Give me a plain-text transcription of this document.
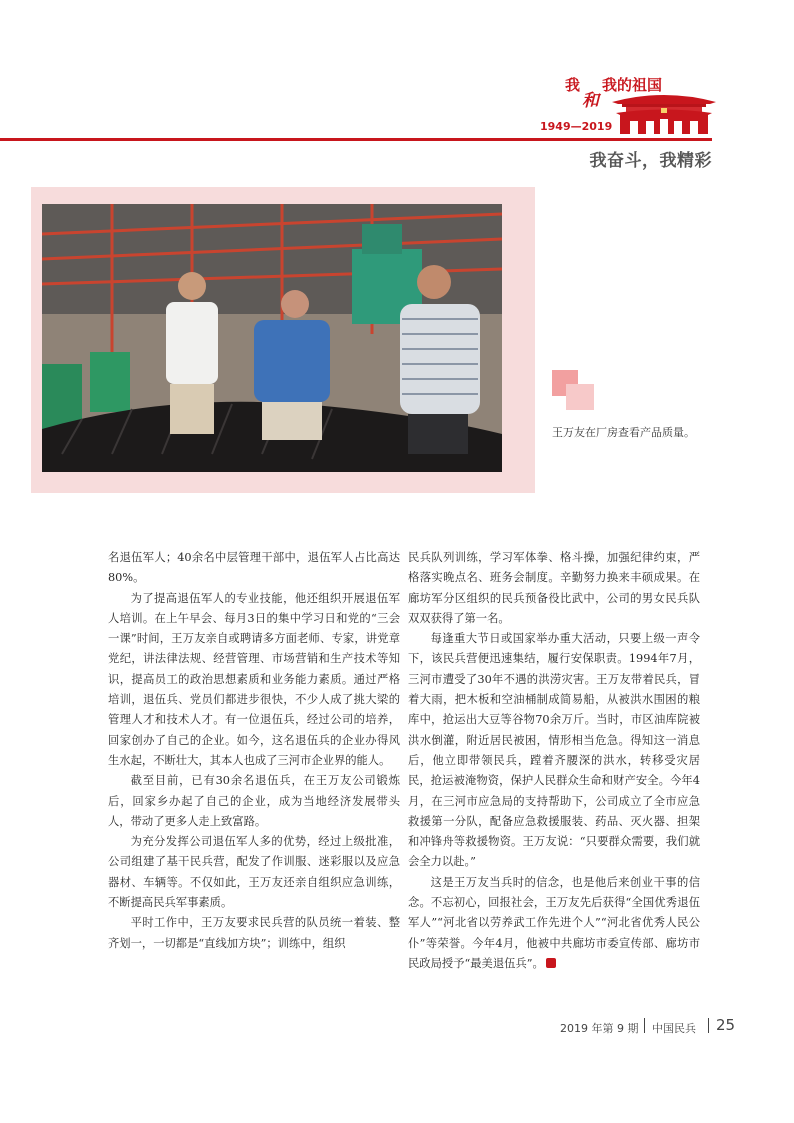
我
和
我的祖国
1949—2019
我奋斗，我精彩
王万友在厂房查看产品质量。

名退伍军人；40余名中层管理干部中，退伍军人占比高达80%。

为了提高退伍军人的专业技能，他还组织开展退伍军人培训。在上午早会、每月3日的集中学习日和党的“三会一课”时间，王万友亲自或聘请多方面老师、专家，讲党章党纪，讲法律法规、经营管理、市场营销和生产技术等知识，提高员工的政治思想素质和业务能力素质。通过严格培训，退伍兵、党员们都进步很快，不少人成了挑大梁的管理人才和技术人才。有一位退伍兵，经过公司的培养，回家创办了自己的企业。如今，这名退伍兵的企业办得风生水起，不断壮大，其本人也成了三河市企业界的能人。

截至目前，已有30余名退伍兵，在王万友公司锻炼后，回家乡办起了自己的企业，成为当地经济发展带头人，带动了更多人走上致富路。

为充分发挥公司退伍军人多的优势，经过上级批准，公司组建了基干民兵营，配发了作训服、迷彩服以及应急器材、车辆等。不仅如此，王万友还亲自组织应急训练，不断提高民兵军事素质。

平时工作中，王万友要求民兵营的队员统一着装、整齐划一，一切都是“直线加方块”；训练中，组织

民兵队列训练，学习军体拳、格斗操，加强纪律约束，严格落实晚点名、班务会制度。辛勤努力换来丰硕成果。在廊坊军分区组织的民兵预备役比武中，公司的男女民兵队双双获得了第一名。

每逢重大节日或国家举办重大活动，只要上级一声令下，该民兵营便迅速集结，履行安保职责。1994年7月，三河市遭受了30年不遇的洪涝灾害。王万友带着民兵，冒着大雨，把木板和空油桶制成简易船，从被洪水围困的粮库中，抢运出大豆等谷物70余万斤。当时，市区油库院被洪水倒灌，附近居民被困，情形相当危急。得知这一消息后，他立即带领民兵，蹚着齐腰深的洪水，转移受灾居民，抢运被淹物资，保护人民群众生命和财产安全。今年4月，在三河市应急局的支持帮助下，公司成立了全市应急救援第一分队，配备应急救援服装、药品、灭火器、担架和冲锋舟等救援物资。王万友说：“只要群众需要，我们就会全力以赴。”

这是王万友当兵时的信念，也是他后来创业干事的信念。不忘初心，回报社会，王万友先后获得“全国优秀退伍军人”“河北省以劳养武工作先进个人”“河北省优秀人民公仆”等荣誉。今年4月，他被中共廊坊市委宣传部、廊坊市民政局授予“最美退伍兵”。

2019 年第 9 期 中国民兵 25
